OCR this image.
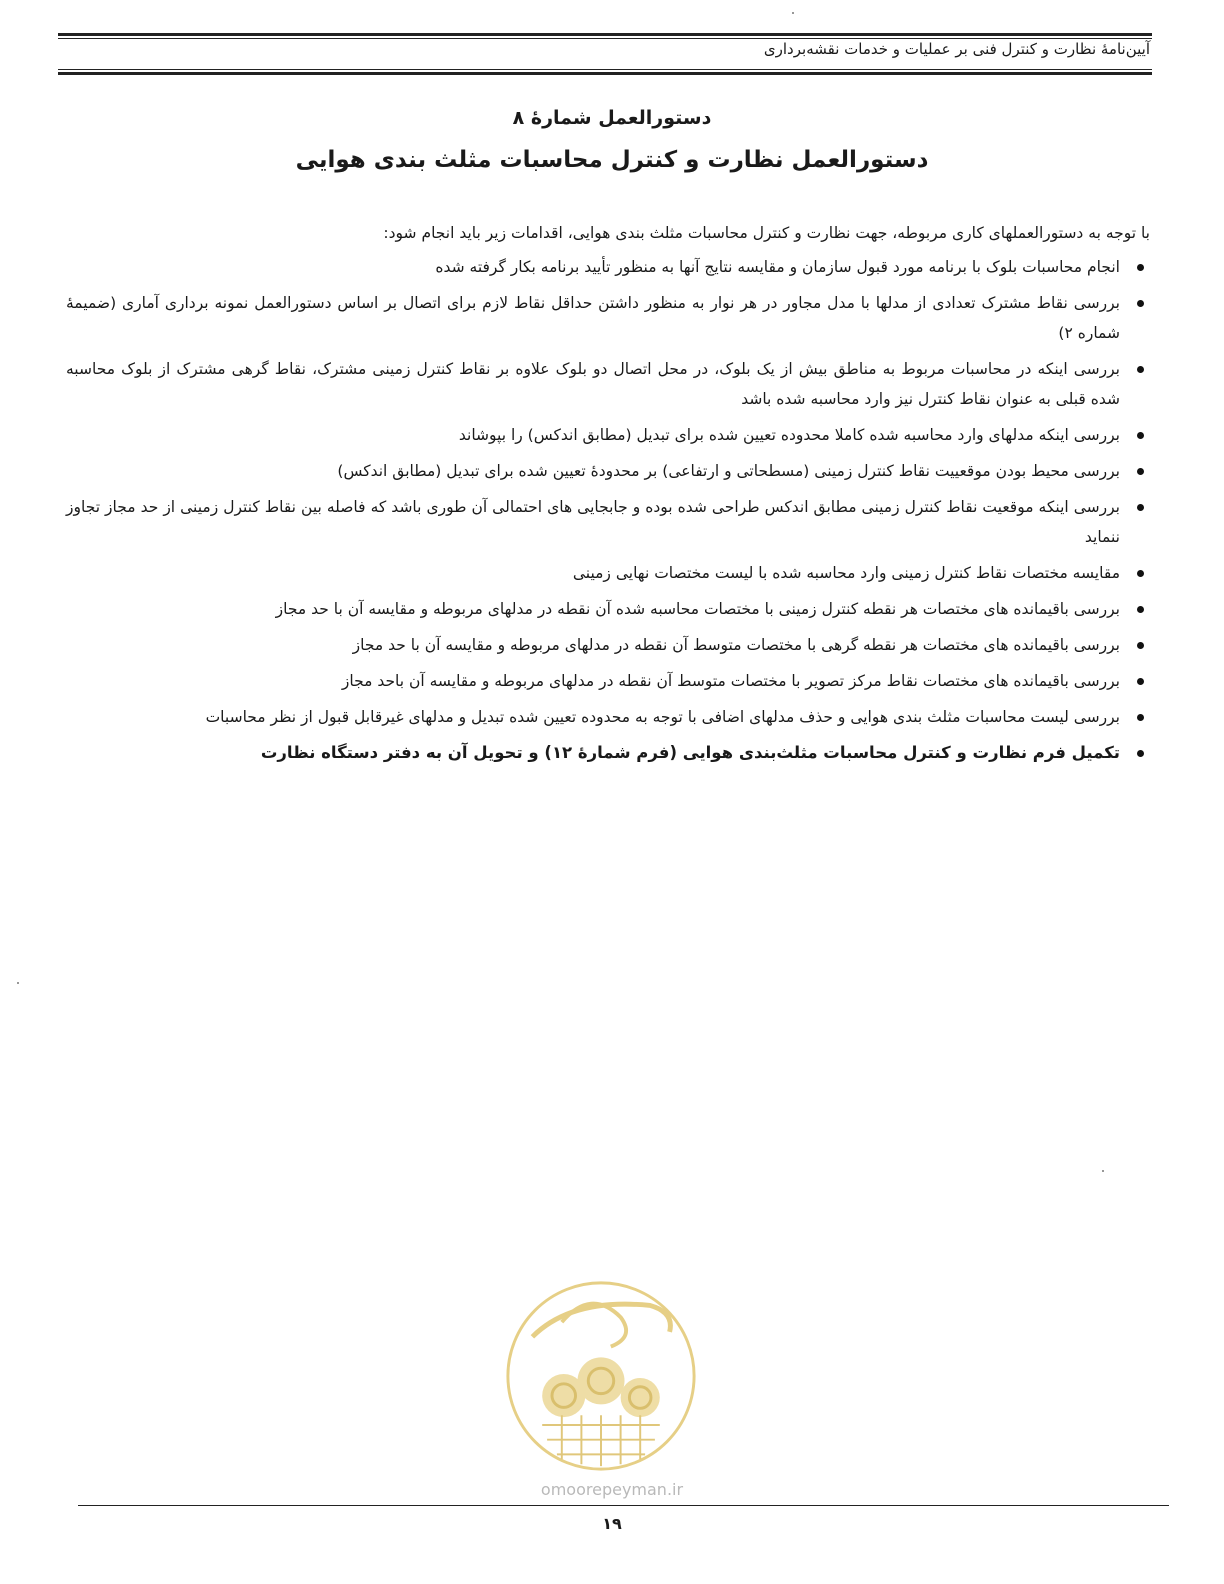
آیین‌نامهٔ نظارت و کنترل فنی بر عملیات و خدمات نقشه‌برداری
دستورالعمل شمارهٔ ۸
دستورالعمل نظارت و کنترل محاسبات مثلث بندی هوایی

با توجه به دستورالعملهای کاری مربوطه، جهت نظارت و کنترل محاسبات مثلث بندی هوایی، اقدامات زیر باید انجام شود:

انجام محاسبات بلوک با برنامه مورد قبول سازمان و مقایسه نتایج آنها به منظور تأیید برنامه بکار گرفته شده
بررسی نقاط مشترک تعدادی از مدلها با مدل مجاور در هر نوار به منظور داشتن حداقل نقاط لازم برای اتصال بر اساس دستورالعمل نمونه برداری آماری (ضمیمهٔ شماره ۲)
بررسی اینکه در محاسبات مربوط به مناطق بیش از یک بلوک، در محل اتصال دو بلوک علاوه بر نقاط کنترل زمینی مشترک، نقاط گرهی مشترک از بلوک محاسبه شده قبلی به عنوان نقاط کنترل نیز وارد محاسبه شده باشد
بررسی اینکه مدلهای وارد محاسبه شده کاملا محدوده تعیین شده برای تبدیل (مطابق اندکس) را بپوشاند
بررسی محیط بودن موقعییت نقاط کنترل زمینی (مسطحاتی و ارتفاعی) بر محدودهٔ تعیین شده برای تبدیل (مطابق اندکس)
بررسی اینکه موقعیت نقاط کنترل زمینی مطابق اندکس طراحی شده بوده و جابجایی های احتمالی آن طوری باشد که فاصله بین نقاط کنترل زمینی از حد مجاز تجاوز ننماید
مقایسه مختصات نقاط کنترل زمینی وارد محاسبه شده با لیست مختصات نهایی زمینی
بررسی باقیمانده های مختصات هر نقطه کنترل زمینی با مختصات محاسبه شده آن نقطه در مدلهای مربوطه و مقایسه آن با حد مجاز
بررسی باقیمانده های مختصات هر نقطه گرهی با مختصات متوسط آن نقطه در مدلهای مربوطه و مقایسه آن با حد مجاز
بررسی باقیمانده های مختصات نقاط مرکز تصویر با مختصات متوسط آن نقطه در مدلهای مربوطه و مقایسه آن باحد مجاز
بررسی لیست محاسبات مثلث بندی هوایی و حذف مدلهای اضافی با توجه به محدوده تعیین شده تبدیل و مدلهای غیرقابل قبول از نظر محاسبات
تکمیل فرم نظارت و کنترل محاسبات مثلث‌بندی هوایی (فرم شمارهٔ ۱۲) و تحویل آن به دفتر دستگاه نظارت
omoorepeyman.ir
۱۹
